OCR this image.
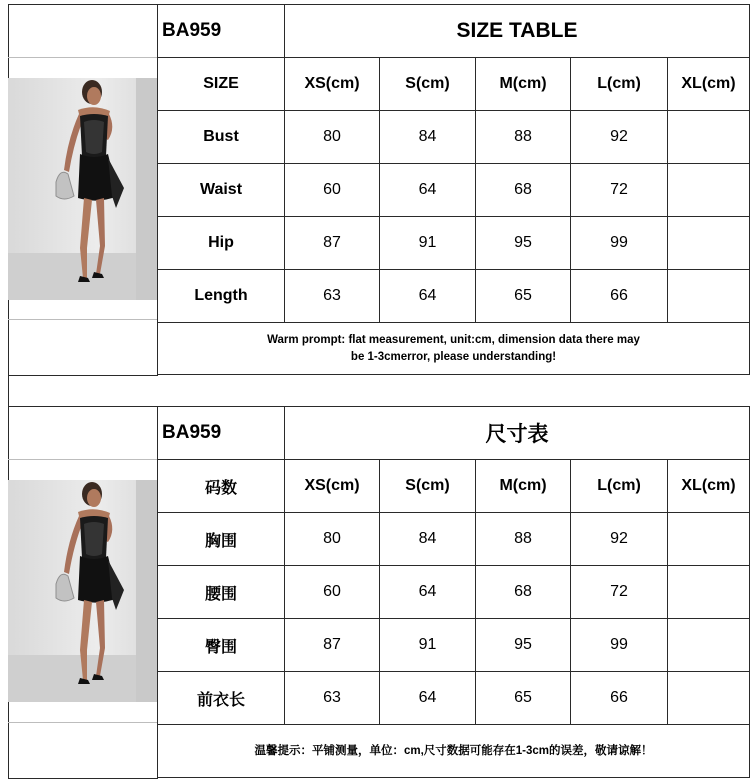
BA959	SIZE TABLE				
SIZE	XS(cm)	S(cm)	M(cm)	L(cm)	XL(cm)
Bust	80	84	88	92	
Waist	60	64	68	72	
Hip	87	91	95	99	
Length	63	64	65	66	

Warm prompt: flat measurement, unit:cm, dimension data there may
be 1-3cmerror, please understanding!					
BA959	尺寸表				
码数	XS(cm)	S(cm)	M(cm)	L(cm)	XL(cm)
胸围	80	84	88	92	
腰围	60	64	68	72	
臀围	87	91	95	99	
前衣长	63	64	65	66	
温馨提示：平铺测量，单位：cm,尺寸数据可能存在1-3cm的误差，敬请谅解！					
